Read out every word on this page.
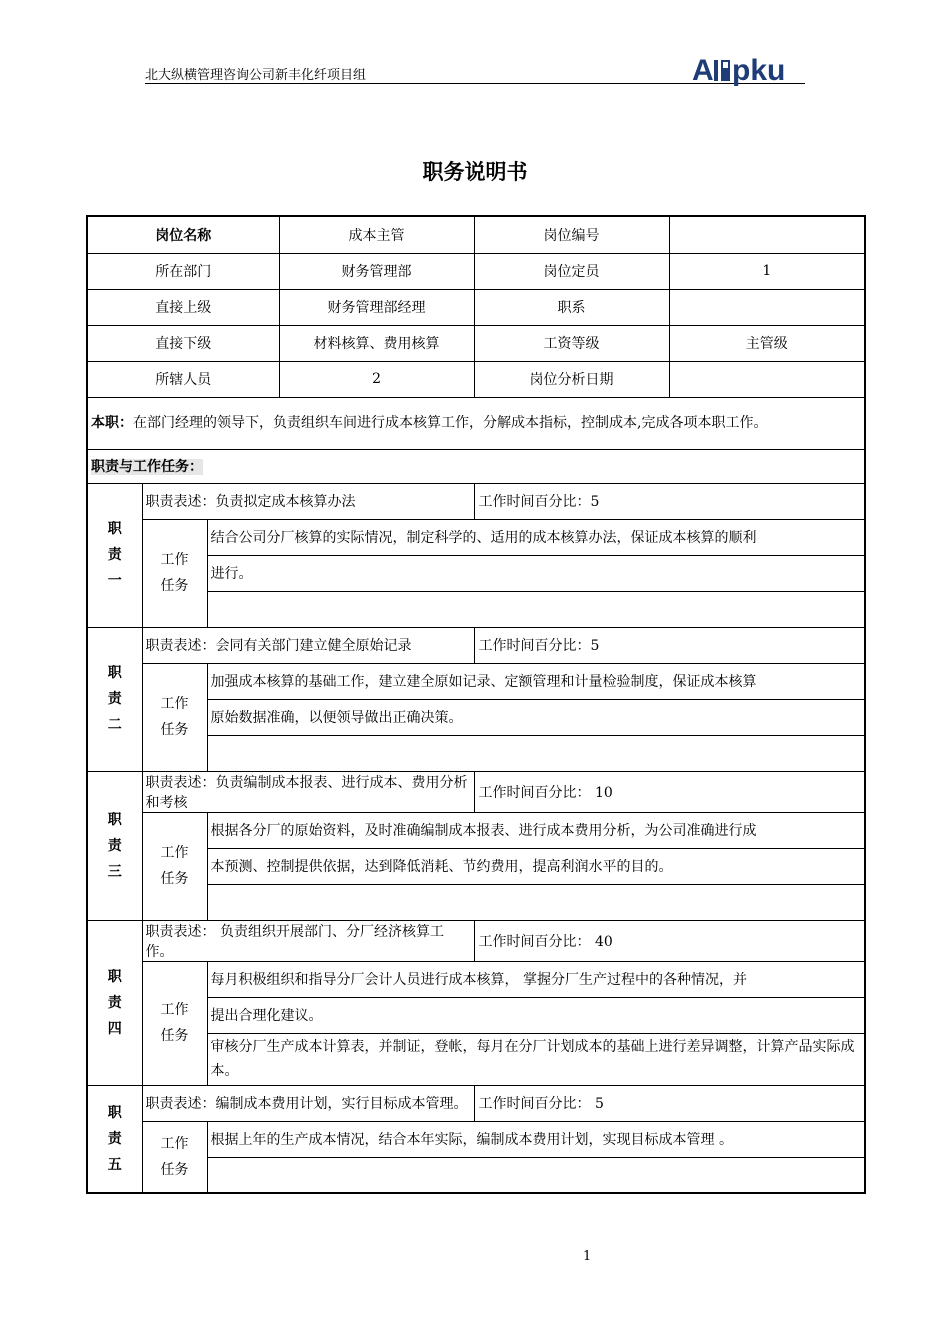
北大纵横管理咨询公司新丰化纤项目组	A pku
职务说明书
岗位名称			成本主管	岗位编号	
所在部门			财务管理部	岗位定员	1
直接上级			财务管理部经理	职系	
直接下级			材料核算、费用核算	工资等级	主管级
所辖人员			2	岗位分析日期	
本职：在部门经理的领导下，负责组织车间进行成本核算工作，分解成本指标，控制成本,完成各项本职工作。					
职责与工作任务：					
职责一	职责表述：负责拟定成本核算办法			工作时间百分比：5	
	工作任务	结合公司分厂核算的实际情况，制定科学的、适用的成本核算办法，保证成本核算的顺利			
		进行。			

职责二	职责表述：会同有关部门建立健全原始记录			工作时间百分比：5	
	工作任务	加强成本核算的基础工作，建立建全原如记录、定额管理和计量检验制度，保证成本核算			
		原始数据准确，以便领导做出正确决策。			

职责三	职责表述：负责编制成本报表、进行成本、费用分析和考核			工作时间百分比： 10	
	工作任务	根据各分厂的原始资料，及时准确编制成本报表、进行成本费用分析，为公司准确进行成			
		本预测、控制提供依据，达到降低消耗、节约费用，提高利润水平的目的。			

职责四	职责表述： 负责组织开展部门、分厂经济核算工作。			工作时间百分比： 40	
	工作任务	每月积极组织和指导分厂会计人员进行成本核算， 掌握分厂生产过程中的各种情况，并			
		提出合理化建议。			
		审核分厂生产成本计算表，并制证，登帐，每月在分厂计划成本的基础上进行差异调整，计算产品实际成本。			
职责五	职责表述：编制成本费用计划，实行目标成本管理。			工作时间百分比： 5	
	工作任务	根据上年的生产成本情况，结合本年实际，编制成本费用计划，实现目标成本管理 。			

1
